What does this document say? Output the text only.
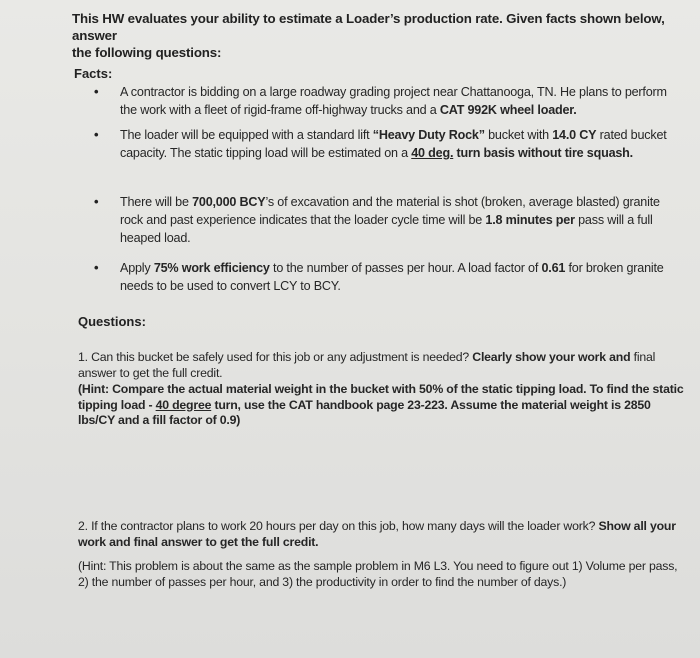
This HW evaluates your ability to estimate a Loader’s production rate. Given facts shown below, answer
the following questions:
Facts:
• A contractor is bidding on a large roadway grading project near Chattanooga, TN. He plans to perform the work with a fleet of rigid-frame off-highway trucks and a CAT 992K wheel loader.
• The loader will be equipped with a standard lift “Heavy Duty Rock” bucket with 14.0 CY rated bucket capacity. The static tipping load will be estimated on a 40 deg. turn basis without tire squash.
• There will be 700,000 BCY’s of excavation and the material is shot (broken, average blasted) granite rock and past experience indicates that the loader cycle time will be 1.8 minutes per pass will a full heaped load.
• Apply 75% work efficiency to the number of passes per hour. A load factor of 0.61 for broken granite needs to be used to convert LCY to BCY.
Questions:
1. Can this bucket be safely used for this job or any adjustment is needed? Clearly show your work and final answer to get the full credit.
(Hint: Compare the actual material weight in the bucket with 50% of the static tipping load. To find the static tipping load - 40 degree turn, use the CAT handbook page 23-223. Assume the material weight is 2850 lbs/CY and a fill factor of 0.9)
2. If the contractor plans to work 20 hours per day on this job, how many days will the loader work? Show all your work and final answer to get the full credit.
(Hint: This problem is about the same as the sample problem in M6 L3. You need to figure out 1) Volume per pass, 2) the number of passes per hour, and 3) the productivity in order to find the number of days.)
